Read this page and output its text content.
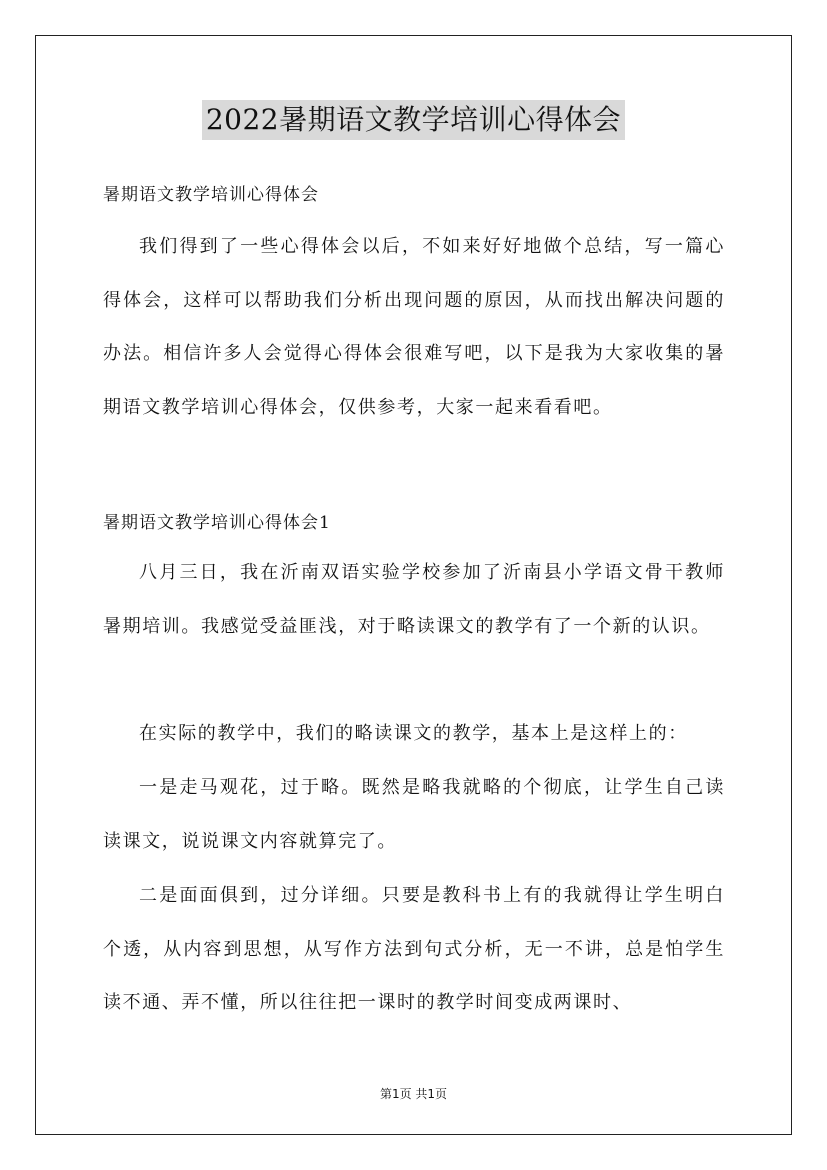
2022暑期语文教学培训心得体会
暑期语文教学培训心得体会

我们得到了一些心得体会以后，不如来好好地做个总结，写一篇心得体会，这样可以帮助我们分析出现问题的原因，从而找出解决问题的办法。相信许多人会觉得心得体会很难写吧，以下是我为大家收集的暑期语文教学培训心得体会，仅供参考，大家一起来看看吧。

暑期语文教学培训心得体会1

八月三日，我在沂南双语实验学校参加了沂南县小学语文骨干教师暑期培训。我感觉受益匪浅，对于略读课文的教学有了一个新的认识。

在实际的教学中，我们的略读课文的教学，基本上是这样上的：

一是走马观花，过于略。既然是略我就略的个彻底，让学生自己读读课文，说说课文内容就算完了。

二是面面俱到，过分详细。只要是教科书上有的我就得让学生明白个透，从内容到思想，从写作方法到句式分析，无一不讲，总是怕学生读不通、弄不懂，所以往往把一课时的教学时间变成两课时、

第1页 共1页
